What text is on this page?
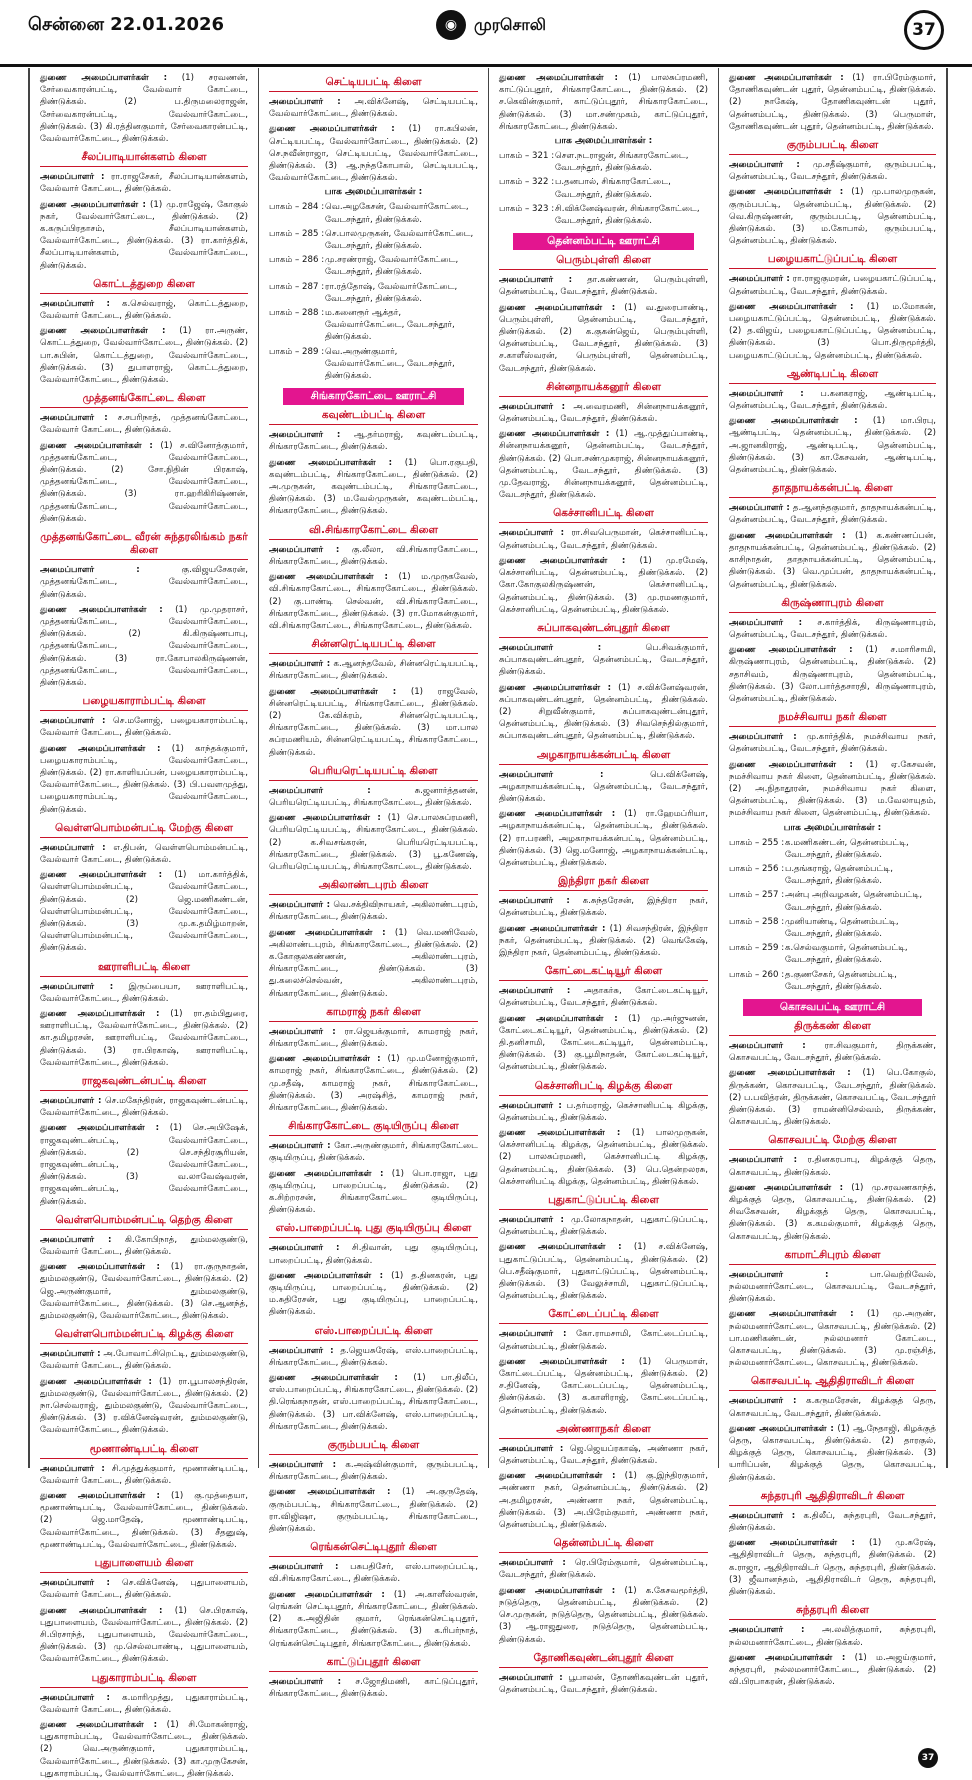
சென்னை 22.01.2026	◉	முரசொலி	37
துணை அமைப்பாளர்கள் : (1) சரவணன், சேர்வைகாரன்பட்டி, வேல்வார் கோட்டை, திண்டுக்கல். (2) ப.திருமலைராஜன், சேர்வைகாரன்பட்டி, வேல்வார்கோட்டை, திண்டுக்கல். (3) கி.ரத்தினகுமார், சேர்வைகாரன்பட்டி, வேல்வார்கோட்டை, திண்டுக்கல்.
சீலப்பாடியான்களம் கிளை
அமைப்பாளர் : ரா.ராஜசேகர், சீலப்பாடியான்களம், வேல்வார் கோட்டை, திண்டுக்கல்.
துணை அமைப்பாளர்கள் : (1) மு.ராஜேஷ், கோகுல் நகர், வேல்வார்கோட்டை, திண்டுக்கல். (2) க.கருப்பிரதாசம், சீலப்பாடியான்களம், வேல்வார்கோட்டை, திண்டுக்கல். (3) ரா.கார்த்திக், சீலப்பாடியான்களம், வேல்வார்கோட்டை, திண்டுக்கல்.
கொட்டத்துறை கிளை
அமைப்பாளர் : க.செல்வராஜ், கொட்டத்துறை, வேல்வார் கோட்டை, திண்டுக்கல்.
துணை அமைப்பாளர்கள் : (1) ரா.அருண், கொட்டத்துறை, வேல்வார்கோட்டை, திண்டுக்கல். (2) பா.சுபின், கொட்டத்துறை, வேல்வார்கோட்டை, திண்டுக்கல். (3) துபாளராஜ், கொட்டத்துறை, வேல்வார்கோட்டை, திண்டுக்கல்.
முத்தனங்கோட்டை கிளை
அமைப்பாளர் : ச.சபரிநாத், முத்தனங்கோட்டை, வேல்வார் கோட்டை, திண்டுக்கல்.
துணை அமைப்பாளர்கள் : (1) ச.வினோத்குமார், முத்தனங்கோட்டை, வேல்வார்கோட்டை, திண்டுக்கல். (2) சோ.நிதின் பிரகாஷ், முத்தனங்கோட்டை, வேல்வார்கோட்டை, திண்டுக்கல். (3) ரா.ஹரிகிரிஷ்ணன், முத்தனங்கோட்டை, வேல்வார்கோட்டை, திண்டுக்கல்.
முத்தனங்கோட்டை வீரன் சுந்தரலிங்கம் நகர் கிளை
அமைப்பாளர் : கு.விஜயசேகரன், முத்தனங்கோட்டை, வேல்வார்கோட்டை, திண்டுக்கல்.
துணை அமைப்பாளர்கள் : (1) மு.முதராசர், முத்தனங்கோட்டை, வேல்வார்கோட்டை, திண்டுக்கல். (2) கி.கிருஷ்ணபாபு, முத்தனங்கோட்டை, வேல்வார்கோட்டை, திண்டுக்கல். (3) ரா.கோபாலகிருஷ்ணன், முத்தனங்கோட்டை, வேல்வார்கோட்டை, திண்டுக்கல்.
பழையகாராம்பட்டி கிளை
அமைப்பாளர் : செ.மனோஜ், பழையகாராம்பட்டி, வேல்வார் கோட்டை, திண்டுக்கல்.
துணை அமைப்பாளர்கள் : (1) காந்தக்குமார், பழையகாராம்பட்டி, வேல்வார்கோட்டை, திண்டுக்கல். (2) ரா.காளியப்பன், பழையகாராம்பட்டி, வேல்வார்கோட்டை, திண்டுக்கல். (3) பி.பவளமுத்து, பழையகாராம்பட்டி, வேல்வார்கோட்டை, திண்டுக்கல்.
வெள்ளபொம்மன்பட்டி மேற்கு கிளை
அமைப்பாளர் : எ.திபன், வெள்ளபொம்மன்பட்டி, வேல்வார் கோட்டை, திண்டுக்கல்.
துணை அமைப்பாளர்கள் : (1) மா.கார்த்திக், வெள்ளபொம்மன்பட்டி, வேல்வார்கோட்டை, திண்டுக்கல். (2) ஜெ.மணிகண்டன், வெள்ளபொம்மன்பட்டி, வேல்வார்கோட்டை, திண்டுக்கல். (3) மு.க.தமிழ்மாறன், வெள்ளபொம்மன்பட்டி, வேல்வார்கோட்டை, திண்டுக்கல்.
ஊராளிபட்டி கிளை
அமைப்பாளர் : இருப்பையா, ஊராளிபட்டி, வேல்வார்கோட்டை, திண்டுக்கல்.
துணை அமைப்பாளர்கள் : (1) ரா.தம்பிதுரை, ஊராளிபட்டி, வேல்வார்கோட்டை, திண்டுக்கல். (2) கா.தமிழரசன், ஊராளிபட்டி, வேல்வார்கோட்டை, திண்டுக்கல். (3) ரா.பிரகாஷ், ஊராளிபட்டி, வேல்வார்கோட்டை, திண்டுக்கல்.
ராஜகவுண்டன்பட்டி கிளை
அமைப்பாளர் : செ.மகேந்திரன், ராஜகவுண்டன்பட்டி, வேல்வார்கோட்டை, திண்டுக்கல்.
துணை அமைப்பாளர்கள் : (1) செ.அபிஷேக், ராஜகவுண்டன்பட்டி, வேல்வார்கோட்டை, திண்டுக்கல். (2) செ.சந்திரசூரியன், ராஜகவுண்டன்பட்டி, வேல்வார்கோட்டை, திண்டுக்கல். (3) வ.லாவேஷ்வரன், ராஜகவுண்டன்பட்டி, வேல்வார்கோட்டை, திண்டுக்கல்.
வெள்ளபொம்மன்பட்டி தெற்கு கிளை
அமைப்பாளர் : கி.கோபிநாத், தும்மலகுண்டு, வேல்வார் கோட்டை, திண்டுக்கல்.
துணை அமைப்பாளர்கள் : (1) ரா.குருநாதன், தும்மலகுண்டு, வேல்வார்கோட்டை, திண்டுக்கல். (2) ஜெ.அருண்குமார், தும்மலகுண்டு, வேல்வார்கோட்டை, திண்டுக்கல். (3) செ.ஆனந்த், தும்மலகுண்டு, வேல்வார்கோட்டை, திண்டுக்கல்.
வெள்ளபொம்மன்பட்டி கிழக்கு கிளை
அமைப்பாளர் : அ.போவாட்சிறெட்டி, தும்மலகுண்டு, வேல்வார் கோட்டை, திண்டுக்கல்.
துணை அமைப்பாளர்கள் : (1) ரா.பூபாலசந்திரன், தும்மலகுண்டு, வேல்வார்கோட்டை, திண்டுக்கல். (2) நா.செல்வராஜ், தும்மலகுண்டு, வேல்வார்கோட்டை, திண்டுக்கல். (3) ர.விக்னேஷ்வரன், தும்மலகுண்டு, வேல்வார்கோட்டை, திண்டுக்கல்.
மூணாண்டிபட்டி கிளை
அமைப்பாளர் : சி.முத்துக்குமார், மூணாண்டிபட்டி, வேல்வார் கோட்டை, திண்டுக்கல்.
துணை அமைப்பாளர்கள் : (1) கு.முத்தையா, மூணாண்டிபட்டி, வேல்வார்கோட்டை, திண்டுக்கல். (2) ஜெ.மாதேஷ், மூணாண்டிபட்டி, வேல்வார்கோட்டை, திண்டுக்கல். (3) சீதனுஷ், மூணாண்டிபட்டி, வேல்வார்கோட்டை, திண்டுக்கல்.
புதுபாளையம் கிளை
அமைப்பாளர் : செ.விக்னேஷ், புதுபாளையம், வேல்வார் கோட்டை, திண்டுக்கல்.
துணை அமைப்பாளர்கள் : (1) செ.பிரகாஷ், புதுபாளையம், வேல்வார்கோட்டை, திண்டுக்கல். (2) சி.பிரசாந்த், புதுபாளையம், வேல்வார்கோட்டை, திண்டுக்கல். (3) மு.செல்லபாண்டி, புதுபாளையம், வேல்வார்கோட்டை, திண்டுக்கல்.
புதுகாராம்பட்டி கிளை
அமைப்பாளர் : க.மாரிமுத்து, புதுகாராம்பட்டி, வேல்வார் கோட்டை, திண்டுக்கல்.
துணை அமைப்பாளர்கள் : (1) சி.மோகன்ராஜ், புதுகாராம்பட்டி, வேல்வார்கோட்டை, திண்டுக்கல். (2) வெ.அருண்குமார், புதுகாராம்பட்டி, வேல்வார்கோட்டை, திண்டுக்கல். (3) கா.முருகேசன், புதுகாராம்பட்டி, வேல்வார்கோட்டை, திண்டுக்கல்.
செட்டியபட்டி கிளை
அமைப்பாளர் : அ.விக்னேஷ், செட்டியபட்டி, வேல்வார்கோட்டை, திண்டுக்கல்.
துணை அமைப்பாளர்கள் : (1) ரா.கபிலன், செட்டியபட்டி, வேல்வார்கோட்டை, திண்டுக்கல். (2) செ.நவீன்ராஜா, செட்டியபட்டி, வேல்வார்கோட்டை, திண்டுக்கல். (3) ஆ.நந்தகோபால், செட்டியபட்டி, வேல்வார்கோட்டை, திண்டுக்கல்.
பாக அமைப்பாளர்கள் :
பாகம் – 284 : வெ.அழகேசன், வேல்வார்கோட்டை, வேடசந்தூர், திண்டுக்கல்.
பாகம் – 285 : செ.பாலமுருகன், வேல்வார்கோட்டை, வேடசந்தூர், திண்டுக்கல்.
பாகம் – 286 : மு.சரண்ராஜ், வேல்வார்கோட்டை, வேடசந்தூர், திண்டுக்கல்.
பாகம் – 287 : ரா.ரத்தோஷ், வேல்வார்கோட்டை, வேடசந்தூர், திண்டுக்கல்.
பாகம் – 288 : ம.கனைரூர் ஆக்தர், வேல்வார்கோட்டை, வேடசந்தூர், திண்டுக்கல்.
பாகம் – 289 : வெ.அருண்குமார், வேல்வார்கோட்டை, வேடசந்தூர், திண்டுக்கல்.
சிங்காரகோட்டை ஊராட்சி
கவுண்டம்பட்டி கிளை
அமைப்பாளர் : ஆ.தர்மராஜ், கவுண்டம்பட்டி, சிங்காரகோட்டை, திண்டுக்கல்.
துணை அமைப்பாளர்கள் : (1) பொ.ரகுபதி, கவுண்டம்பட்டி, சிங்காரகோட்டை, திண்டுக்கல். (2) அ.முருகன், கவுண்டம்பட்டி, சிங்காரகோட்டை, திண்டுக்கல். (3) ம.வேல்முருகன், கவுண்டம்பட்டி, சிங்காரகோட்டை, திண்டுக்கல்.
வி.சிங்காரகோட்டை கிளை
அமைப்பாளர் : கு.லீலா, வி.சிங்காரகோட்டை, சிங்காரகோட்டை, திண்டுக்கல்.
துணை அமைப்பாளர்கள் : (1) ம.முருகவேல், வி.சிங்காரகோட்டை, சிங்காரகோட்டை, திண்டுக்கல். (2) கு.பாண்டி செல்வன், வி.சிங்காரகோட்டை, சிங்காரகோட்டை, திண்டுக்கல். (3) ரா.மோகன்குமார், வி.சிங்காரகோட்டை, சிங்காரகோட்டை, திண்டுக்கல்.
சின்னரெட்டியபட்டி கிளை
அமைப்பாளர் : க.ஆனந்தவேல், சின்னரெட்டியபட்டி, சிங்காரகோட்டை, திண்டுக்கல்.
துணை அமைப்பாளர்கள் : (1) ராஜவேல், சின்னரெட்டியபட்டி, சிங்காரகோட்டை, திண்டுக்கல். (2) கே.விக்ரம், சின்னரெட்டியபட்டி, சிங்காரகோட்டை, திண்டுக்கல். (3) மா.பால சுப்ரமணியம், சின்னரெட்டியபட்டி, சிங்காரகோட்டை, திண்டுக்கல்.
பெரியரெட்டியபட்டி கிளை
அமைப்பாளர் : சு.ஜனார்த்தனன், பெரியரெட்டியபட்டி, சிங்காரகோட்டை, திண்டுக்கல்.
துணை அமைப்பாளர்கள் : (1) செ.பாலசுப்ரமணி, பெரியரெட்டியபட்டி, சிங்காரகோட்டை, திண்டுக்கல். (2) க.சிவசங்கரன், பெரியரெட்டியபட்டி, சிங்காரகோட்டை, திண்டுக்கல். (3) பூ.கணேஷ், பெரியரெட்டியபட்டி, சிங்காரகோட்டை, திண்டுக்கல்.
அகிலாண்டபுரம் கிளை
அமைப்பாளர் : வெ.சக்திவிநாயகர், அகிலாண்டபுரம், சிங்காரகோட்டை, திண்டுக்கல்.
துணை அமைப்பாளர்கள் : (1) வெ.மணிவேல், அகிலாண்டபுரம், சிங்காரகோட்டை, திண்டுக்கல். (2) க.கோகுலகண்ணன், அகிலாண்டபுரம், சிங்காரகோட்டை, திண்டுக்கல். (3) து.கலைச்செல்வன், அகிலாண்டபுரம், சிங்காரகோட்டை, திண்டுக்கல்.
காமராஜ் நகர் கிளை
அமைப்பாளர் : ரா.ஜெயக்குமார், காமராஜ் நகர், சிங்காரகோட்டை, திண்டுக்கல்.
துணை அமைப்பாளர்கள் : (1) மு.மனோஜ்குமார், காமராஜ் நகர், சிங்காரகோட்டை, திண்டுக்கல். (2) மு.சதீஷ், காமராஜ் நகர், சிங்காரகோட்டை, திண்டுக்கல். (3) அரஷ்சித், காமராஜ் நகர், சிங்காரகோட்டை, திண்டுக்கல்.
சிங்காரகோட்டை குடியிருப்பு கிளை
அமைப்பாளர் : கோ.அருண்குமார், சிங்காரகோட்டை குடியிருப்பு, திண்டுக்கல்.
துணை அமைப்பாளர்கள் : (1) பொ.ராஜா, புது குடியிருப்பு, பாறைப்பட்டி, திண்டுக்கல். (2) க.சிற்றரசன், சிங்காரகோட்டை குடியிருப்பு, திண்டுக்கல்.
எஸ்.பாறைப்பட்டி புது குடியிருப்பு கிளை
அமைப்பாளர் : சி.திவான், புது குடியிருப்பு, பாறைப்பட்டி, திண்டுக்கல்.
துணை அமைப்பாளர்கள் : (1) த.தினகரன், புது குடியிருப்பு, பாறைப்பட்டி, திண்டுக்கல். (2) ம.சுதிரேசன், புது குடியிருப்பு, பாறைப்பட்டி, திண்டுக்கல்.
எஸ்.பாறைப்பட்டி கிளை
அமைப்பாளர் : த.ஜெயசுரேஷ், எஸ்.பாறைப்பட்டி, சிங்காரகோட்டை, திண்டுக்கல்.
துணை அமைப்பாளர்கள் : (1) பா.திலீப், எஸ்.பாறைப்பட்டி, சிங்காரகோட்டை, திண்டுக்கல். (2) தி.ரெங்கநாதன், எஸ்.பாறைப்பட்டி, சிங்காரகோட்டை, திண்டுக்கல். (3) பா.விக்னேஷ், எஸ்.பாறைப்பட்டி, சிங்காரகோட்டை, திண்டுக்கல்.
குரும்பபட்டி கிளை
அமைப்பாளர் : க.அஷ்வின்குமார், குரும்பபட்டி, சிங்காரகோட்டை, திண்டுக்கல்.
துணை அமைப்பாளர்கள் : (1) அ.குருதேஷ், குரும்பபட்டி, சிங்காரகோட்டை, திண்டுக்கல். (2) ரா.விஜிஷா, குரும்பபட்டி, சிங்காரகோட்டை, திண்டுக்கல்.
ரெங்கன்செட்டிபுதூர் கிளை
அமைப்பாளர் : பசுபதிசேர், எஸ்.பாறைப்பட்டி, வி.சிங்காரகோட்டை, திண்டுக்கல்.
துணை அமைப்பாளர்கள் : (1) அ.காளீஸ்வரன், ரெங்கன் செட்டிபுதூர், சிங்காரகோட்டை, திண்டுக்கல். (2) க.அஜிதின் குமார், ரெங்கன்செட்டிபுதூர், சிங்காரகோட்டை, திண்டுக்கல். (3) க.ரிபர்நாத், ரெங்கன்செட்டிபுதூர், சிங்காரகோட்டை, திண்டுக்கல்.
காட்டுப்புதூர் கிளை
அமைப்பாளர் : ச.ஜோதிமணி, காட்டுப்புதூர், சிங்காரகோட்டை, திண்டுக்கல்.
துணை அமைப்பாளர்கள் : (1) பாலசுப்ரமணி, காட்டுப்புதூர், சிங்காரகோட்டை, திண்டுக்கல். (2) ச.கெவின்குமார், காட்டுப்புதூர், சிங்காரகோட்டை, திண்டுக்கல். (3) மா.சண்முகம், காட்டுப்புதூர், சிங்காரகோட்டை, திண்டுக்கல்.
பாக அமைப்பாளர்கள் :
பாகம் – 321 : சௌ.நடராஜன், சிங்காரகோட்டை, வேடசந்தூர், திண்டுக்கல்.
பாகம் – 322 : ப.தனபால், சிங்காரகோட்டை, வேடசந்தூர், திண்டுக்கல்.
பாகம் – 323 : சி.விக்னேஷ்வரன், சிங்காரகோட்டை, வேடசந்தூர், திண்டுக்கல்.
தென்னம்பட்டி ஊராட்சி
பெரும்புள்ளி கிளை
அமைப்பாளர் : தா.கண்ணன், பெரும்புள்ளி, தென்னம்பட்டி, வேடசந்தூர், திண்டுக்கல்.
துணை அமைப்பாளர்கள் : (1) வ.துரைபாண்டி, பெரும்புள்ளி, தென்னம்பட்டி, வேடசந்தூர், திண்டுக்கல். (2) க.குகன்ஜெய், பெரும்புள்ளி, தென்னம்பட்டி, வேடசந்தூர், திண்டுக்கல். (3) ச.காளீஸ்வரன், பெரும்புள்ளி, தென்னம்பட்டி, வேடசந்தூர், திண்டுக்கல்.
சின்னநாயக்கனூர் கிளை
அமைப்பாளர் : அ.வைரமணி, சின்னநாயக்கனூர், தென்னம்பட்டி, வேடசந்தூர், திண்டுக்கல்.
துணை அமைப்பாளர்கள் : (1) ஆ.முத்துப்பாண்டி, சின்னநாயக்கனூர், தென்னம்பட்டி, வேடசந்தூர், திண்டுக்கல். (2) பொ.சண்முகராஜ், சின்னநாயக்கனூர், தென்னம்பட்டி, வேடசந்தூர், திண்டுக்கல். (3) மு.தேவராஜ், சின்னநாயக்கனூர், தென்னம்பட்டி, வேடசந்தூர், திண்டுக்கல்.
கெச்சானிபட்டி கிளை
அமைப்பாளர் : ரா.சிவபெருமான், கெச்சானிபட்டி, தென்னம்பட்டி, வேடசந்தூர், திண்டுக்கல்.
துணை அமைப்பாளர்கள் : (1) மு.ரமேஷ், கெச்சானிபட்டி, தென்னம்பட்டி, திண்டுக்கல். (2) கோ.கோகுலகிருஷ்ணன், கெச்சானிபட்டி, தென்னம்பட்டி, திண்டுக்கல். (3) மு.ரமணகுமார், கெச்சானிபட்டி, தென்னம்பட்டி, திண்டுக்கல்.
சுப்பாகவுண்டன்புதூர் கிளை
அமைப்பாளர் : பெ.சிவக்குமார், சுப்பாகவுண்டன்புதூர், தென்னம்பட்டி, வேடசந்தூர், திண்டுக்கல்.
துணை அமைப்பாளர்கள் : (1) ச.விக்னேஷ்வரன், சுப்பாகவுண்டன்புதூர், தென்னம்பட்டி, திண்டுக்கல். (2) சிறுவீன்குமார், சுப்பாகவுண்டன்புதூர், தென்னம்பட்டி, திண்டுக்கல். (3) சிவசெந்தில்குமார், சுப்பாகவுண்டன்புதூர், தென்னம்பட்டி, திண்டுக்கல்.
அழகாநாயக்கன்பட்டி கிளை
அமைப்பாளர் : பெ.விக்னேஷ், அழகாநாயக்கன்பட்டி, தென்னம்பட்டி, வேடசந்தூர், திண்டுக்கல்.
துணை அமைப்பாளர்கள் : (1) ரா.ஹேமப்ரியா, அழகாநாயக்கன்பட்டி, தென்னம்பட்டி, திண்டுக்கல். (2) ரா.பரணி, அழகாநாயக்கன்பட்டி, தென்னம்பட்டி, திண்டுக்கல். (3) ஜெ.மனோஜ், அழகாநாயக்கன்பட்டி, தென்னம்பட்டி, திண்டுக்கல்.
இந்திரா நகர் கிளை
அமைப்பாளர் : க.சுந்தரேசன், இந்திரா நகர், தென்னம்பட்டி, திண்டுக்கல்.
துணை அமைப்பாளர்கள் : (1) சிவசந்திரன், இந்திரா நகர், தென்னம்பட்டி, திண்டுக்கல். (2) வெங்கேஷ், இந்திரா நகர், தென்னம்பட்டி, திண்டுக்கல்.
கோட்டைகட்டியூர் கிளை
அமைப்பாளர் : அதாகர்சு, கோட்டைகட்டியூர், தென்னம்பட்டி, வேடசந்தூர், திண்டுக்கல்.
துணை அமைப்பாளர்கள் : (1) மு.அர்ஜுனன், கோட்டைகட்டியூர், தென்னம்பட்டி, திண்டுக்கல். (2) தி.தனிசாமி, கோட்டைகட்டியூர், தென்னம்பட்டி, திண்டுக்கல். (3) கு.பூமிநாதன், கோட்டைகட்டியூர், தென்னம்பட்டி, திண்டுக்கல்.
கெச்சானிபட்டி கிழக்கு கிளை
அமைப்பாளர் : ப.தர்மராஜ், கெச்சானிபட்டி கிழக்கு, தென்னம்பட்டி, திண்டுக்கல்.
துணை அமைப்பாளர்கள் : (1) பாலமுருகன், கெச்சானிபட்டி கிழக்கு, தென்னம்பட்டி, திண்டுக்கல். (2) பாலசுப்ரமணி, கெச்சானிபட்டி கிழக்கு, தென்னம்பட்டி, திண்டுக்கல். (3) பெ.தென்றலரசு, கெச்சானிபட்டி கிழக்கு, தென்னம்பட்டி, திண்டுக்கல்.
புதுகாட்டுப்பட்டி கிளை
அமைப்பாளர் : மு.லோகநாதன், புதுகாட்டுப்பட்டி, தென்னம்பட்டி, திண்டுக்கல்.
துணை அமைப்பாளர்கள் : (1) ச.விக்னேஷ், புதுகாட்டுப்பட்டி, தென்னம்பட்டி, திண்டுக்கல். (2) பெ.சதீஷ்குமார், புதுகாட்டுப்பட்டி, தென்னம்பட்டி, திண்டுக்கல். (3) வேலுச்சாமி, புதுகாட்டுப்பட்டி, தென்னம்பட்டி, திண்டுக்கல்.
கோட்டைப்பட்டி கிளை
அமைப்பாளர் : கோ.ராமசாமி, கோட்டைப்பட்டி, தென்னம்பட்டி, திண்டுக்கல்.
துணை அமைப்பாளர்கள் : (1) பெருமாள், கோட்டைப்பட்டி, தென்னம்பட்டி, திண்டுக்கல். (2) ச.தினேஷ், கோட்டைப்பட்டி, தென்னம்பட்டி, திண்டுக்கல். (3) க.காளிராஜ், கோட்டைப்பட்டி, தென்னம்பட்டி, திண்டுக்கல்.
அண்ணாநகர் கிளை
அமைப்பாளர் : ஜெ.ஜெயப்ரகாஷ், அண்ணா நகர், தென்னம்பட்டி, வேடசந்தூர், திண்டுக்கல்.
துணை அமைப்பாளர்கள் : (1) கு.இந்திரகுமார், அண்ணா நகர், தென்னம்பட்டி, திண்டுக்கல். (2) அ.தமிழரசன், அண்ணா நகர், தென்னம்பட்டி, திண்டுக்கல். (3) அ.பிரேம்குமார், அண்ணா நகர், தென்னம்பட்டி, திண்டுக்கல்.
தென்னம்பட்டி கிளை
அமைப்பாளர் : ரெ.பிரேம்குமார், தென்னம்பட்டி, வேடசந்தூர், திண்டுக்கல்.
துணை அமைப்பாளர்கள் : (1) க.கேசவமூர்த்தி, நடுத்தெரு, தென்னம்பட்டி, திண்டுக்கல். (2) செ.முருகன், நடுத்தெரு, தென்னம்பட்டி, திண்டுக்கல். (3) ஆ.ராஜதுரை, நடுத்தெரு, தென்னம்பட்டி, திண்டுக்கல்.
தோணிகவுண்டன்புதூர் கிளை
அமைப்பாளர் : பூபாலன், தோணிகவுண்டன் புதூர், தென்னம்பட்டி, வேடசந்தூர், திண்டுக்கல்.
துணை அமைப்பாளர்கள் : (1) ரா.பிரேம்குமார், தோணிகவுண்டன் புதூர், தென்னம்பட்டி, திண்டுக்கல். (2) நாகேஷ், தோணிகவுண்டன் புதூர், தென்னம்பட்டி, திண்டுக்கல். (3) பெருமாள், தோணிகவுண்டன் புதூர், தென்னம்பட்டி, திண்டுக்கல்.
குரும்பபட்டி கிளை
அமைப்பாளர் : மு.சதீஷ்குமார், குரும்பபட்டி, தென்னம்பட்டி, வேடசந்தூர், திண்டுக்கல்.
துணை அமைப்பாளர்கள் : (1) மு.பாலமுருகன், குரும்பபட்டி, தென்னம்பட்டி, திண்டுக்கல். (2) வெ.கிருஷ்ணன், குரும்பபட்டி, தென்னம்பட்டி, திண்டுக்கல். (3) ம.கோபால், குரும்பபட்டி, தென்னம்பட்டி, திண்டுக்கல்.
பழையகாட்டுப்பட்டி கிளை
அமைப்பாளர் : ரா.ராஜகுமரன், பழையகாட்டுப்பட்டி, தென்னம்பட்டி, வேடசந்தூர், திண்டுக்கல்.
துணை அமைப்பாளர்கள் : (1) ம.மோகன், பழையகாட்டுப்பட்டி, தென்னம்பட்டி, திண்டுக்கல். (2) த.விஜய், பழையகாட்டுப்பட்டி, தென்னம்பட்டி, திண்டுக்கல். (3) பொ.திருமூர்த்தி, பழையகாட்டுப்பட்டி, தென்னம்பட்டி, திண்டுக்கல்.
ஆண்டிபட்டி கிளை
அமைப்பாளர் : ப.கனகராஜ், ஆண்டிபட்டி, தென்னம்பட்டி, வேடசந்தூர், திண்டுக்கல்.
துணை அமைப்பாளர்கள் : (1) மா.பிரபு, ஆண்டிபட்டி, தென்னம்பட்டி, திண்டுக்கல். (2) அ.ஜானகிராஜ், ஆண்டிபட்டி, தென்னம்பட்டி, திண்டுக்கல். (3) கா.கேசவன், ஆண்டிபட்டி, தென்னம்பட்டி, திண்டுக்கல்.
தாதநாயக்கன்பட்டி கிளை
அமைப்பாளர் : த.ஆனந்தகுமார், தாதநாயக்கன்பட்டி, தென்னம்பட்டி, வேடசந்தூர், திண்டுக்கல்.
துணை அமைப்பாளர்கள் : (1) க.கண்ணப்பன், தாதநாயக்கன்பட்டி, தென்னம்பட்டி, திண்டுக்கல். (2) காசிநாதன், தாதநாயக்கன்பட்டி, தென்னம்பட்டி, திண்டுக்கல். (3) வெ.முப்பன், தாதநாயக்கன்பட்டி, தென்னம்பட்டி, திண்டுக்கல்.
கிருஷ்ணாபுரம் கிளை
அமைப்பாளர் : ச.கார்த்திக், கிருஷ்ணாபுரம், தென்னம்பட்டி, வேடசந்தூர், திண்டுக்கல்.
துணை அமைப்பாளர்கள் : (1) ச.மாரிசாமி, கிருஷ்ணாபுரம், தென்னம்பட்டி, திண்டுக்கல். (2) சதாசிவம், கிருஷ்ணாபுரம், தென்னம்பட்டி, திண்டுக்கல். (3) லோ.பார்த்தசாரதி, கிருஷ்ணாபுரம், தென்னம்பட்டி, திண்டுக்கல்.
நமச்சிவாய நகர் கிளை
அமைப்பாளர் : மு.கார்த்திக், நமச்சிவாய நகர், தென்னம்பட்டி, வேடசந்தூர், திண்டுக்கல்.
துணை அமைப்பாளர்கள் : (1) ஏ.கேசவன், நமச்சிவாய நகர் கிளை, தென்னம்பட்டி, திண்டுக்கல். (2) அ.நிதாதூரன், நமச்சிவாய நகர் கிளை, தென்னம்பட்டி, திண்டுக்கல். (3) ம.வேலாயுதம், நமச்சிவாய நகர் கிளை, தென்னம்பட்டி, திண்டுக்கல்.
பாக அமைப்பாளர்கள் :
பாகம் – 255 : க.மணிகண்டன், தென்னம்பட்டி, வேடசந்தூர், திண்டுக்கல்.
பாகம் – 256 : ப.தங்கராஜ், தென்னம்பட்டி, வேடசந்தூர், திண்டுக்கல்.
பாகம் – 257 : அன்பு அறிவழகன், தென்னம்பட்டி, வேடசந்தூர், திண்டுக்கல்.
பாகம் – 258 : முனியாண்டி, தென்னம்பட்டி, வேடசந்தூர், திண்டுக்கல்.
பாகம் – 259 : க.செல்வகுமார், தென்னம்பட்டி, வேடசந்தூர், திண்டுக்கல்.
பாகம் – 260 : த.குணசேகர், தென்னம்பட்டி, வேடசந்தூர், திண்டுக்கல்.
கொசவபட்டி ஊராட்சி
திருக்கண் கிளை
அமைப்பாளர் : ரா.சிவகுமார், திருக்கண், கொசவபட்டி, வேடசந்தூர், திண்டுக்கல்.
துணை அமைப்பாளர்கள் : (1) பெ.கோகுல், திருக்கண், கொசவபட்டி, வேடசந்தூர், திண்டுக்கல். (2) ப.பவித்ரன், திருக்கண், கொசவபட்டி, வேடசந்தூர் திண்டுக்கல். (3) ராமன்னிசெல்வம், திருக்கண், கொசவபட்டி, திண்டுக்கல்.
கொசவபட்டி மேற்கு கிளை
அமைப்பாளர் : ர.தினகரபாபு, கிழக்குத் தெரு, கொசவபட்டி, திண்டுக்கல்.
துணை அமைப்பாளர்கள் : (1) மு.சரவணகாந்த், கிழக்குத் தெரு, கொசவபட்டி, திண்டுக்கல். (2) சிவகேசவன், கிழக்குத் தெரு, கொசவபட்டி, திண்டுக்கல். (3) க.கமல்குமார், கிழக்குத் தெரு, கொசவபட்டி, திண்டுக்கல்.
காமாட்சிபுரம் கிளை
அமைப்பாளர் : பா.வெற்றிவேல், நல்லமனார்கோட்டை, கொசவபட்டி, வேடசந்தூர், திண்டுக்கல்.
துணை அமைப்பாளர்கள் : (1) மு.அருண், நல்லமனார்கோட்டை, கொசவபட்டி, திண்டுக்கல். (2) பா.மணிகண்டன், நல்லமனார் கோட்டை, கொசவபட்டி, திண்டுக்கல். (3) மு.ரஞ்சித், நல்லமனார்கோட்டை, கொசவபட்டி, திண்டுக்கல்.
கொசவபட்டி ஆதிதிராவிடர் கிளை
அமைப்பாளர் : க.கருமரேசன், கிழக்குத் தெரு, கொசவபட்டி, வேடசந்தூர், திண்டுக்கல்.
துணை அமைப்பாளர்கள் : (1) ஆ.நேதாஜி, கிழக்குத் தெரு, கொசவபட்டி, திண்டுக்கல். (2) தாரகுல், கிழக்குத் தெரு, கொசவபட்டி, திண்டுக்கல். (3) யாரிப்பன், கிழக்குத் தெரு, கொசவபட்டி, திண்டுக்கல்.
சுந்தரபுரி ஆதிதிராவிடர் கிளை
அமைப்பாளர் : க.திலீப், சுந்தரபுரி, வேடசந்தூர், திண்டுக்கல்.
துணை அமைப்பாளர்கள் : (1) மு.சுரேஷ், ஆதிதிராவிடர் தெரு, சுந்தரபுரி, திண்டுக்கல். (2) க.ராஜா, ஆதிதிராவிடர் தெரு, சுந்தரபுரி, திண்டுக்கல். (3) ஜீவானந்தம், ஆதிதிராவிடர் தெரு, சுந்தரபுரி, திண்டுக்கல்.
சுந்தரபுரி கிளை
அமைப்பாளர் : அ.லலித்குமார், சுந்தரபுரி, நல்லமனார்கோட்டை, திண்டுக்கல்.
துணை அமைப்பாளர்கள் : (1) ம.அஜய்குமார், சுந்தரபுரி, நல்லமனார்கோட்டை, திண்டுக்கல். (2) வி.பிரபாகரன், திண்டுக்கல்.
37
